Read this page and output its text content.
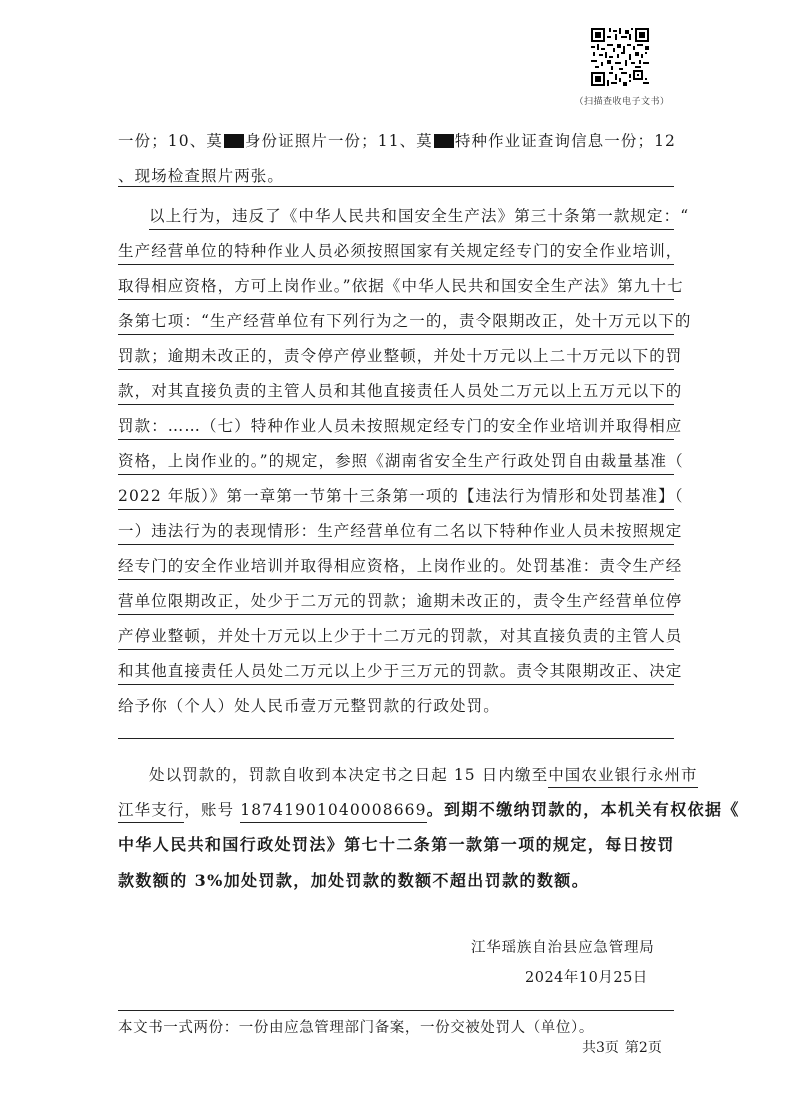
（扫描查收电子文书）
一份；10、莫 身份证照片一份；11、莫 特种作业证查询信息一份；12
、现场检查照片两张。
以上行为，违反了《中华人民共和国安全生产法》第三十条第一款规定：“
生产经营单位的特种作业人员必须按照国家有关规定经专门的安全作业培训，
取得相应资格，方可上岗作业。”依据《中华人民共和国安全生产法》第九十七
条第七项：“生产经营单位有下列行为之一的，责令限期改正，处十万元以下的
罚款；逾期未改正的，责令停产停业整顿，并处十万元以上二十万元以下的罚
款，对其直接负责的主管人员和其他直接责任人员处二万元以上五万元以下的
罚款：……（七）特种作业人员未按照规定经专门的安全作业培训并取得相应
资格，上岗作业的。”的规定，参照《湖南省安全生产行政处罚自由裁量基准（
2022 年版）》第一章第一节第十三条第一项的【违法行为情形和处罚基准】（
一）违法行为的表现情形：生产经营单位有二名以下特种作业人员未按照规定
经专门的安全作业培训并取得相应资格，上岗作业的。处罚基准：责令生产经
营单位限期改正，处少于二万元的罚款；逾期未改正的，责令生产经营单位停
产停业整顿，并处十万元以上少于十二万元的罚款，对其直接负责的主管人员
和其他直接责任人员处二万元以上少于三万元的罚款。责令其限期改正、决定
给予你（个人）处人民币壹万元整罚款的行政处罚。
处以罚款的，罚款自收到本决定书之日起 15 日内缴至中国农业银行永州市
江华支行，账号 18741901040008669。到期不缴纳罚款的，本机关有权依据《
中华人民共和国行政处罚法》第七十二条第一款第一项的规定，每日按罚
款数额的 3%加处罚款，加处罚款的数额不超出罚款的数额。
江华瑶族自治县应急管理局
2024年10月25日
本文书一式两份：一份由应急管理部门备案，一份交被处罚人（单位）。
共3页 第2页
